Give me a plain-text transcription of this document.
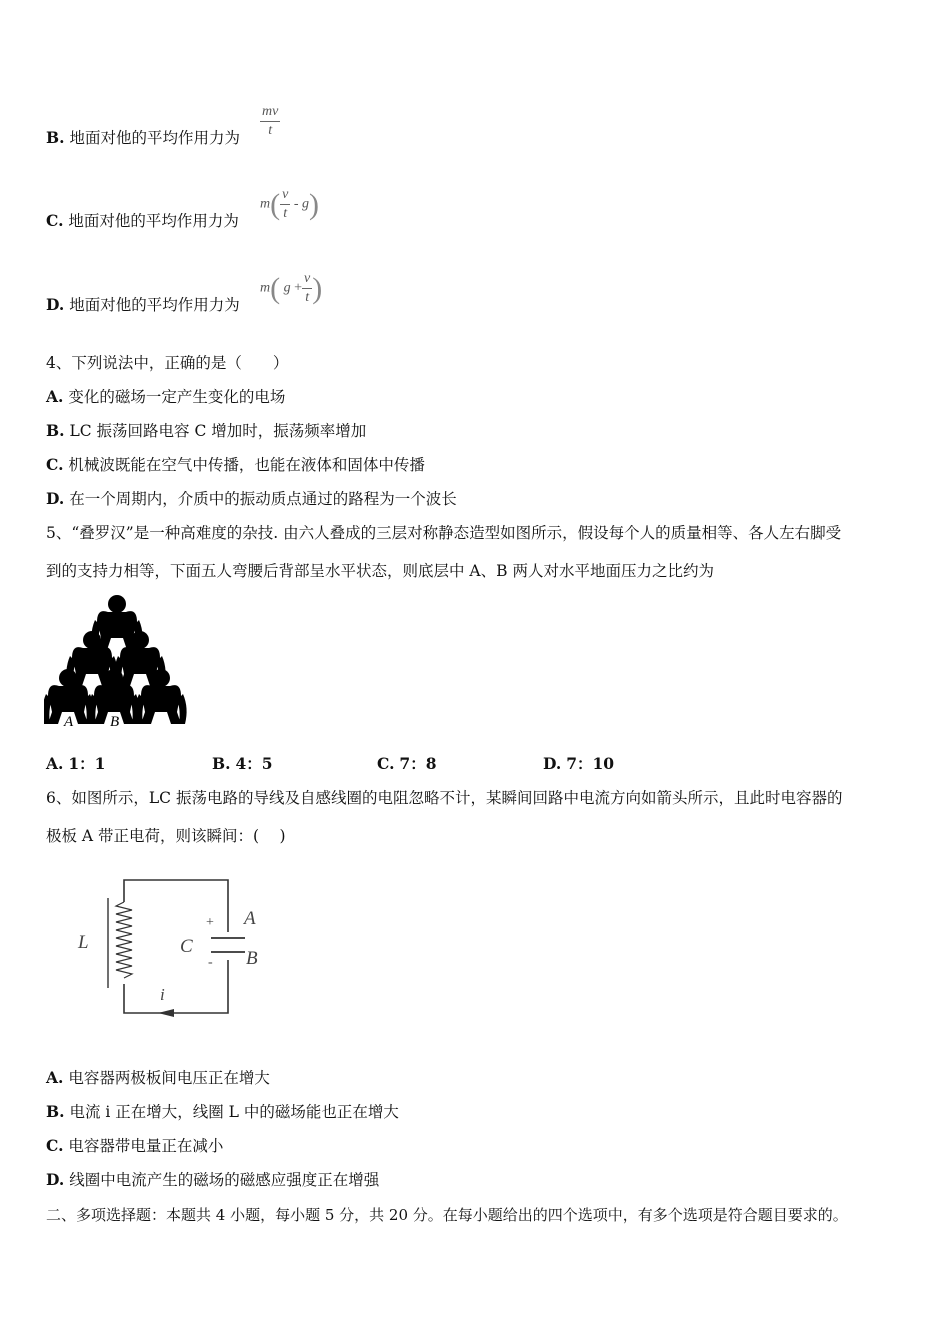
B. 地面对他的平均作用力为 $\frac{mv}{t}$
C. 地面对他的平均作用力为
$m( \frac{v}{t} - g)$
D. 地面对他的平均作用力为
m( $g + \frac{v}{t}$ )
4、下列说法中，正确的是（　　）
A. 变化的磁场一定产生变化的电场
B. LC 振荡回路电容 C 增加时，振荡频率增加
C. 机械波既能在空气中传播，也能在液体和固体中传播
D. 在一个周期内，介质中的振动质点通过的路程为一个波长
5、“叠罗汉”是一种高难度的杂技. 由六人叠成的三层对称静态造型如图所示，假设每个人的质量相等、各人左右脚受
到的支持力相等，下面五人弯腰后背部呈水平状态，则底层中 A、B 两人对水平地面压力之比约为
A B
A. 1：1	B. 4：5	C. 7：8	D. 7：10
6、如图所示，LC 振荡电路的导线及自感线圈的电阻忽略不计，某瞬间回路中电流方向如箭头所示，且此时电容器的
极板 A 带正电荷，则该瞬间：(　 )
L	C
+
-
A
B
i
A. 电容器两极板间电压正在增大
B. 电流 i 正在增大，线圈 L 中的磁场能也正在增大
C. 电容器带电量正在减小
D. 线圈中电流产生的磁场的磁感应强度正在增强
二、多项选择题：本题共 4 小题，每小题 5 分，共 20 分。在每小题给出的四个选项中，有多个选项是符合题目要求的。
